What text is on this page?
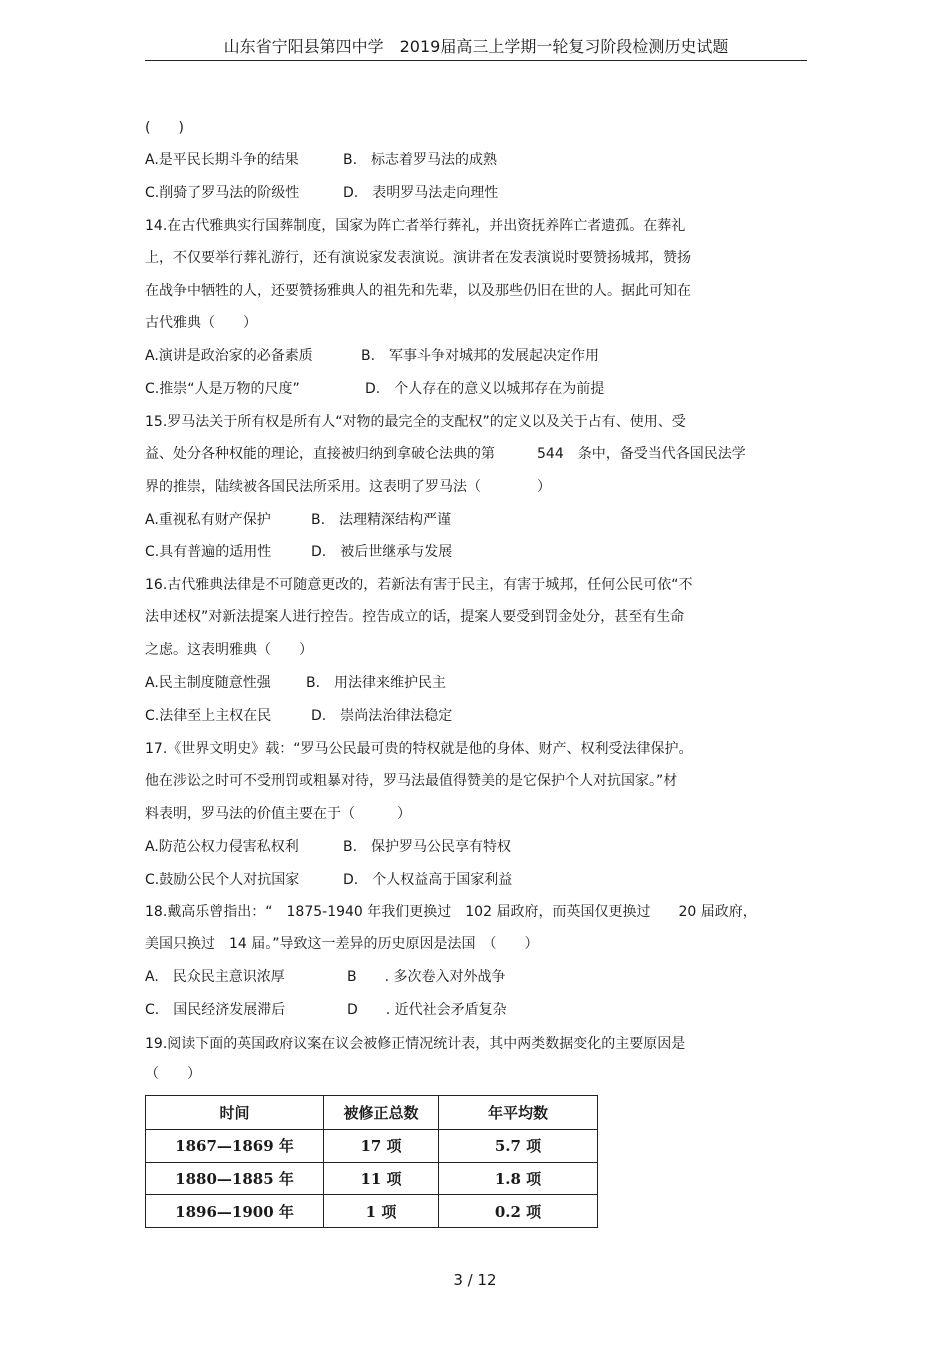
山东省宁阳县第四中学　2019届高三上学期一轮复习阶段检测历史试题
(　　)
A.是平民长期斗争的结果	B.　标志着罗马法的成熟
C.削骑了罗马法的阶级性	D.　表明罗马法走向理性
14.在古代雅典实行国葬制度，国家为阵亡者举行葬礼，并出资抚养阵亡者遗孤。在葬礼
上，不仅要举行葬礼游行，还有演说家发表演说。演讲者在发表演说时要赞扬城邦，赞扬
在战争中牺牲的人，还要赞扬雅典人的祖先和先辈，以及那些仍旧在世的人。据此可知在
古代雅典（　　）
A.演讲是政治家的必备素质	B.　军事斗争对城邦的发展起决定作用
C.推崇“人是万物的尺度”	D.　个人存在的意义以城邦存在为前提
15.罗马法关于所有权是所有人“对物的最完全的支配权”的定义以及关于占有、使用、受
益、处分各种权能的理论，直接被归纳到拿破仑法典的第　　　544　条中，备受当代各国民法学
界的推崇，陆续被各国民法所采用。这表明了罗马法（　　　　）
A.重视私有财产保护	B.　法理精深结构严谨
C.具有普遍的适用性	D.　被后世继承与发展
16.古代雅典法律是不可随意更改的，若新法有害于民主，有害于城邦，任何公民可依“不
法申述权”对新法提案人进行控告。控告成立的话，提案人要受到罚金处分，甚至有生命
之虑。这表明雅典（　　）
A.民主制度随意性强	B.　用法律来维护民主
C.法律至上主权在民	D.　崇尚法治律法稳定
17.《世界文明史》载：“罗马公民最可贵的特权就是他的身体、财产、权利受法律保护。
他在涉讼之时可不受刑罚或粗暴对待，罗马法最值得赞美的是它保护个人对抗国家。”材
料表明，罗马法的价值主要在于（　　　）
A.防范公权力侵害私权利	B.　保护罗马公民享有特权
C.鼓励公民个人对抗国家	D.　个人权益高于国家利益
18.戴高乐曾指出：“　1875-1940 年我们更换过　102 届政府，而英国仅更换过　　20 届政府，
美国只换过　14 届。”导致这一差异的历史原因是法国　（　　）
A.　民众民主意识浓厚	B　　. 多次卷入对外战争
C.　国民经济发展滞后	D　　. 近代社会矛盾复杂
19.阅读下面的英国政府议案在议会被修正情况统计表，其中两类数据变化的主要原因是
（　　）
时间	被修正总数	年平均数
1867—1869 年	17 项	5.7 项
1880—1885 年	11 项	1.8 项
1896—1900 年	1 项	0.2 项
3 / 12
